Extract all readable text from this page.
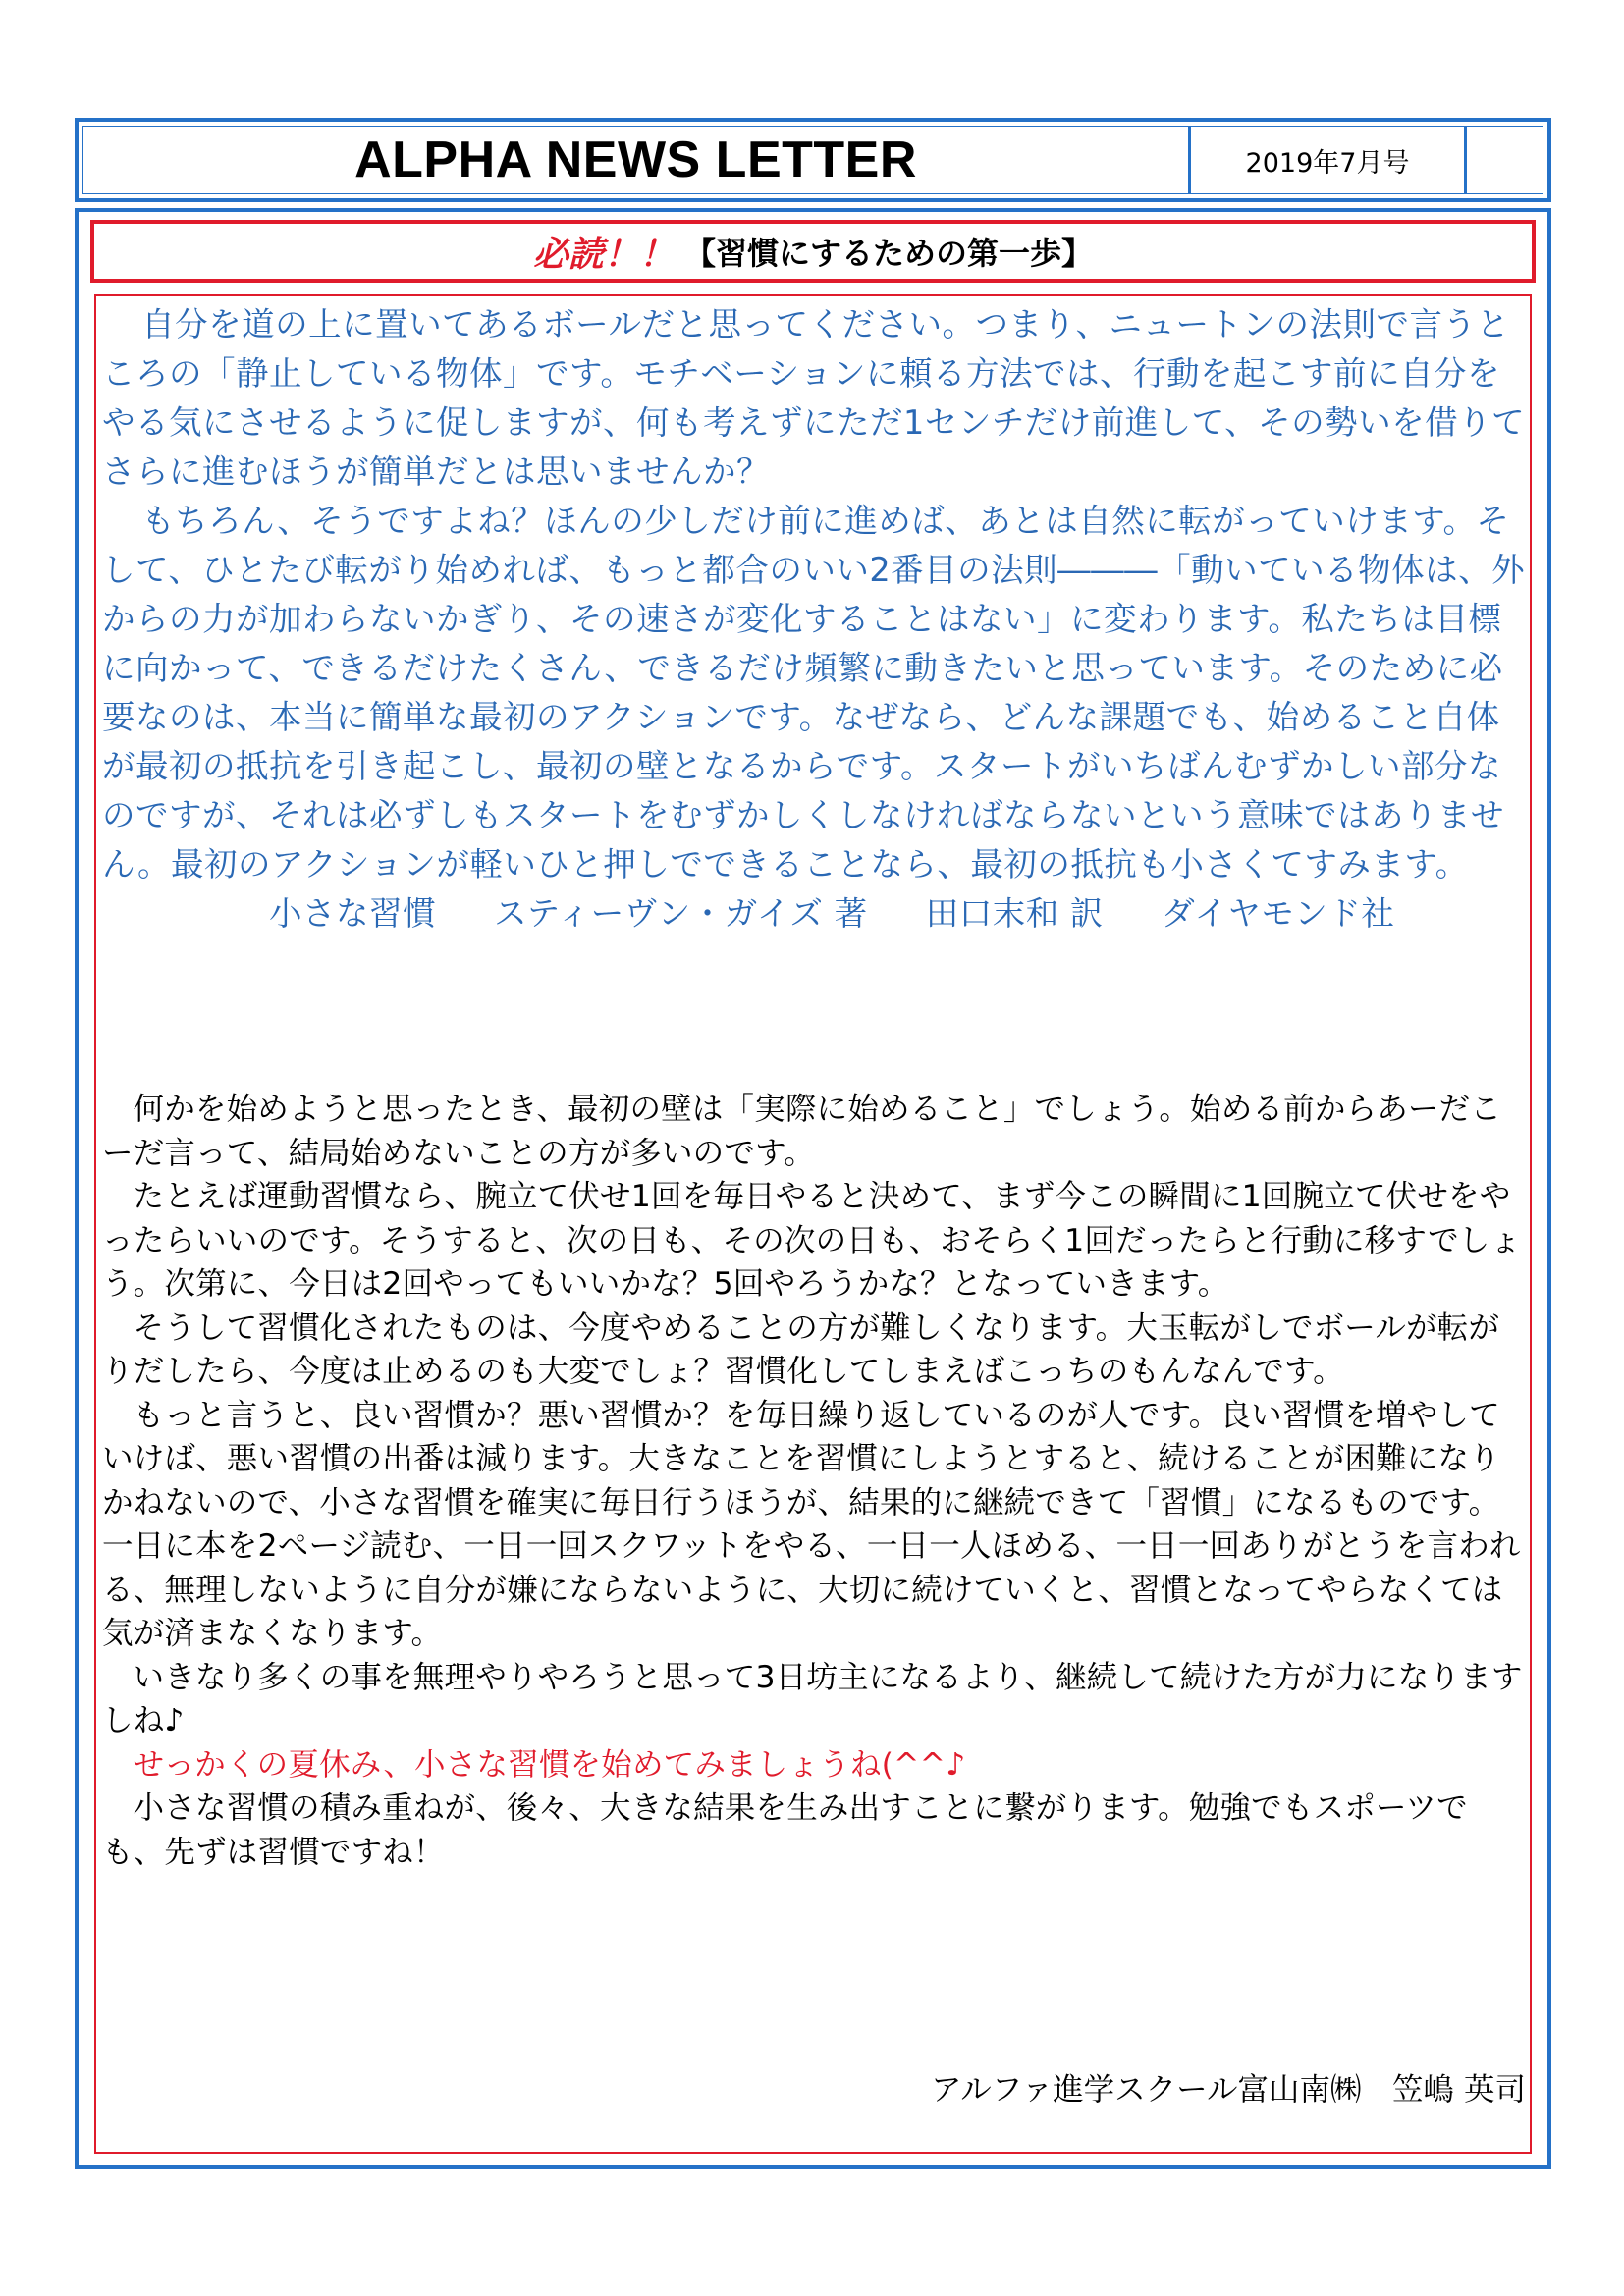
ALPHA NEWS LETTER	2019年7月号
必読！！ 【習慣にするための第一歩】

自分を道の上に置いてあるボールだと思ってください。つまり、ニュートンの法則で言うところの「静止している物体」です。モチベーションに頼る方法では、行動を起こす前に自分をやる気にさせるように促しますが、何も考えずにただ1センチだけ前進して、その勢いを借りてさらに進むほうが簡単だとは思いませんか？

もちろん、そうですよね？ほんの少しだけ前に進めば、あとは自然に転がっていけます。そして、ひとたび転がり始めれば、もっと都合のいい2番目の法則―――「動いている物体は、外からの力が加わらないかぎり、その速さが変化することはない」に変わります。私たちは目標に向かって、できるだけたくさん、できるだけ頻繁に動きたいと思っています。そのために必要なのは、本当に簡単な最初のアクションです。なぜなら、どんな課題でも、始めること自体が最初の抵抗を引き起こし、最初の壁となるからです。スタートがいちばんむずかしい部分なのですが、それは必ずしもスタートをむずかしくしなければならないという意味ではありません。最初のアクションが軽いひと押しでできることなら、最初の抵抗も小さくてすみます。

小さな習慣 スティーヴン・ガイズ 著 田口末和 訳 ダイヤモンド社

何かを始めようと思ったとき、最初の壁は「実際に始めること」でしょう。始める前からあーだこーだ言って、結局始めないことの方が多いのです。

たとえば運動習慣なら、腕立て伏せ1回を毎日やると決めて、まず今この瞬間に1回腕立て伏せをやったらいいのです。そうすると、次の日も、その次の日も、おそらく1回だったらと行動に移すでしょう。次第に、今日は2回やってもいいかな？5回やろうかな？となっていきます。

そうして習慣化されたものは、今度やめることの方が難しくなります。大玉転がしでボールが転がりだしたら、今度は止めるのも大変でしょ？習慣化してしまえばこっちのもんなんです。

もっと言うと、良い習慣か？悪い習慣か？を毎日繰り返しているのが人です。良い習慣を増やしていけば、悪い習慣の出番は減ります。大きなことを習慣にしようとすると、続けることが困難になりかねないので、小さな習慣を確実に毎日行うほうが、結果的に継続できて「習慣」になるものです。一日に本を2ページ読む、一日一回スクワットをやる、一日一人ほめる、一日一回ありがとうを言われる、無理しないように自分が嫌にならないように、大切に続けていくと、習慣となってやらなくては気が済まなくなります。

いきなり多くの事を無理やりやろうと思って3日坊主になるより、継続して続けた方が力になりますしね♪

せっかくの夏休み、小さな習慣を始めてみましょうね(^^♪

小さな習慣の積み重ねが、後々、大きな結果を生み出すことに繋がります。勉強でもスポーツでも、先ずは習慣ですね！

アルファ進学スクール富山南㈱　笠嶋 英司
